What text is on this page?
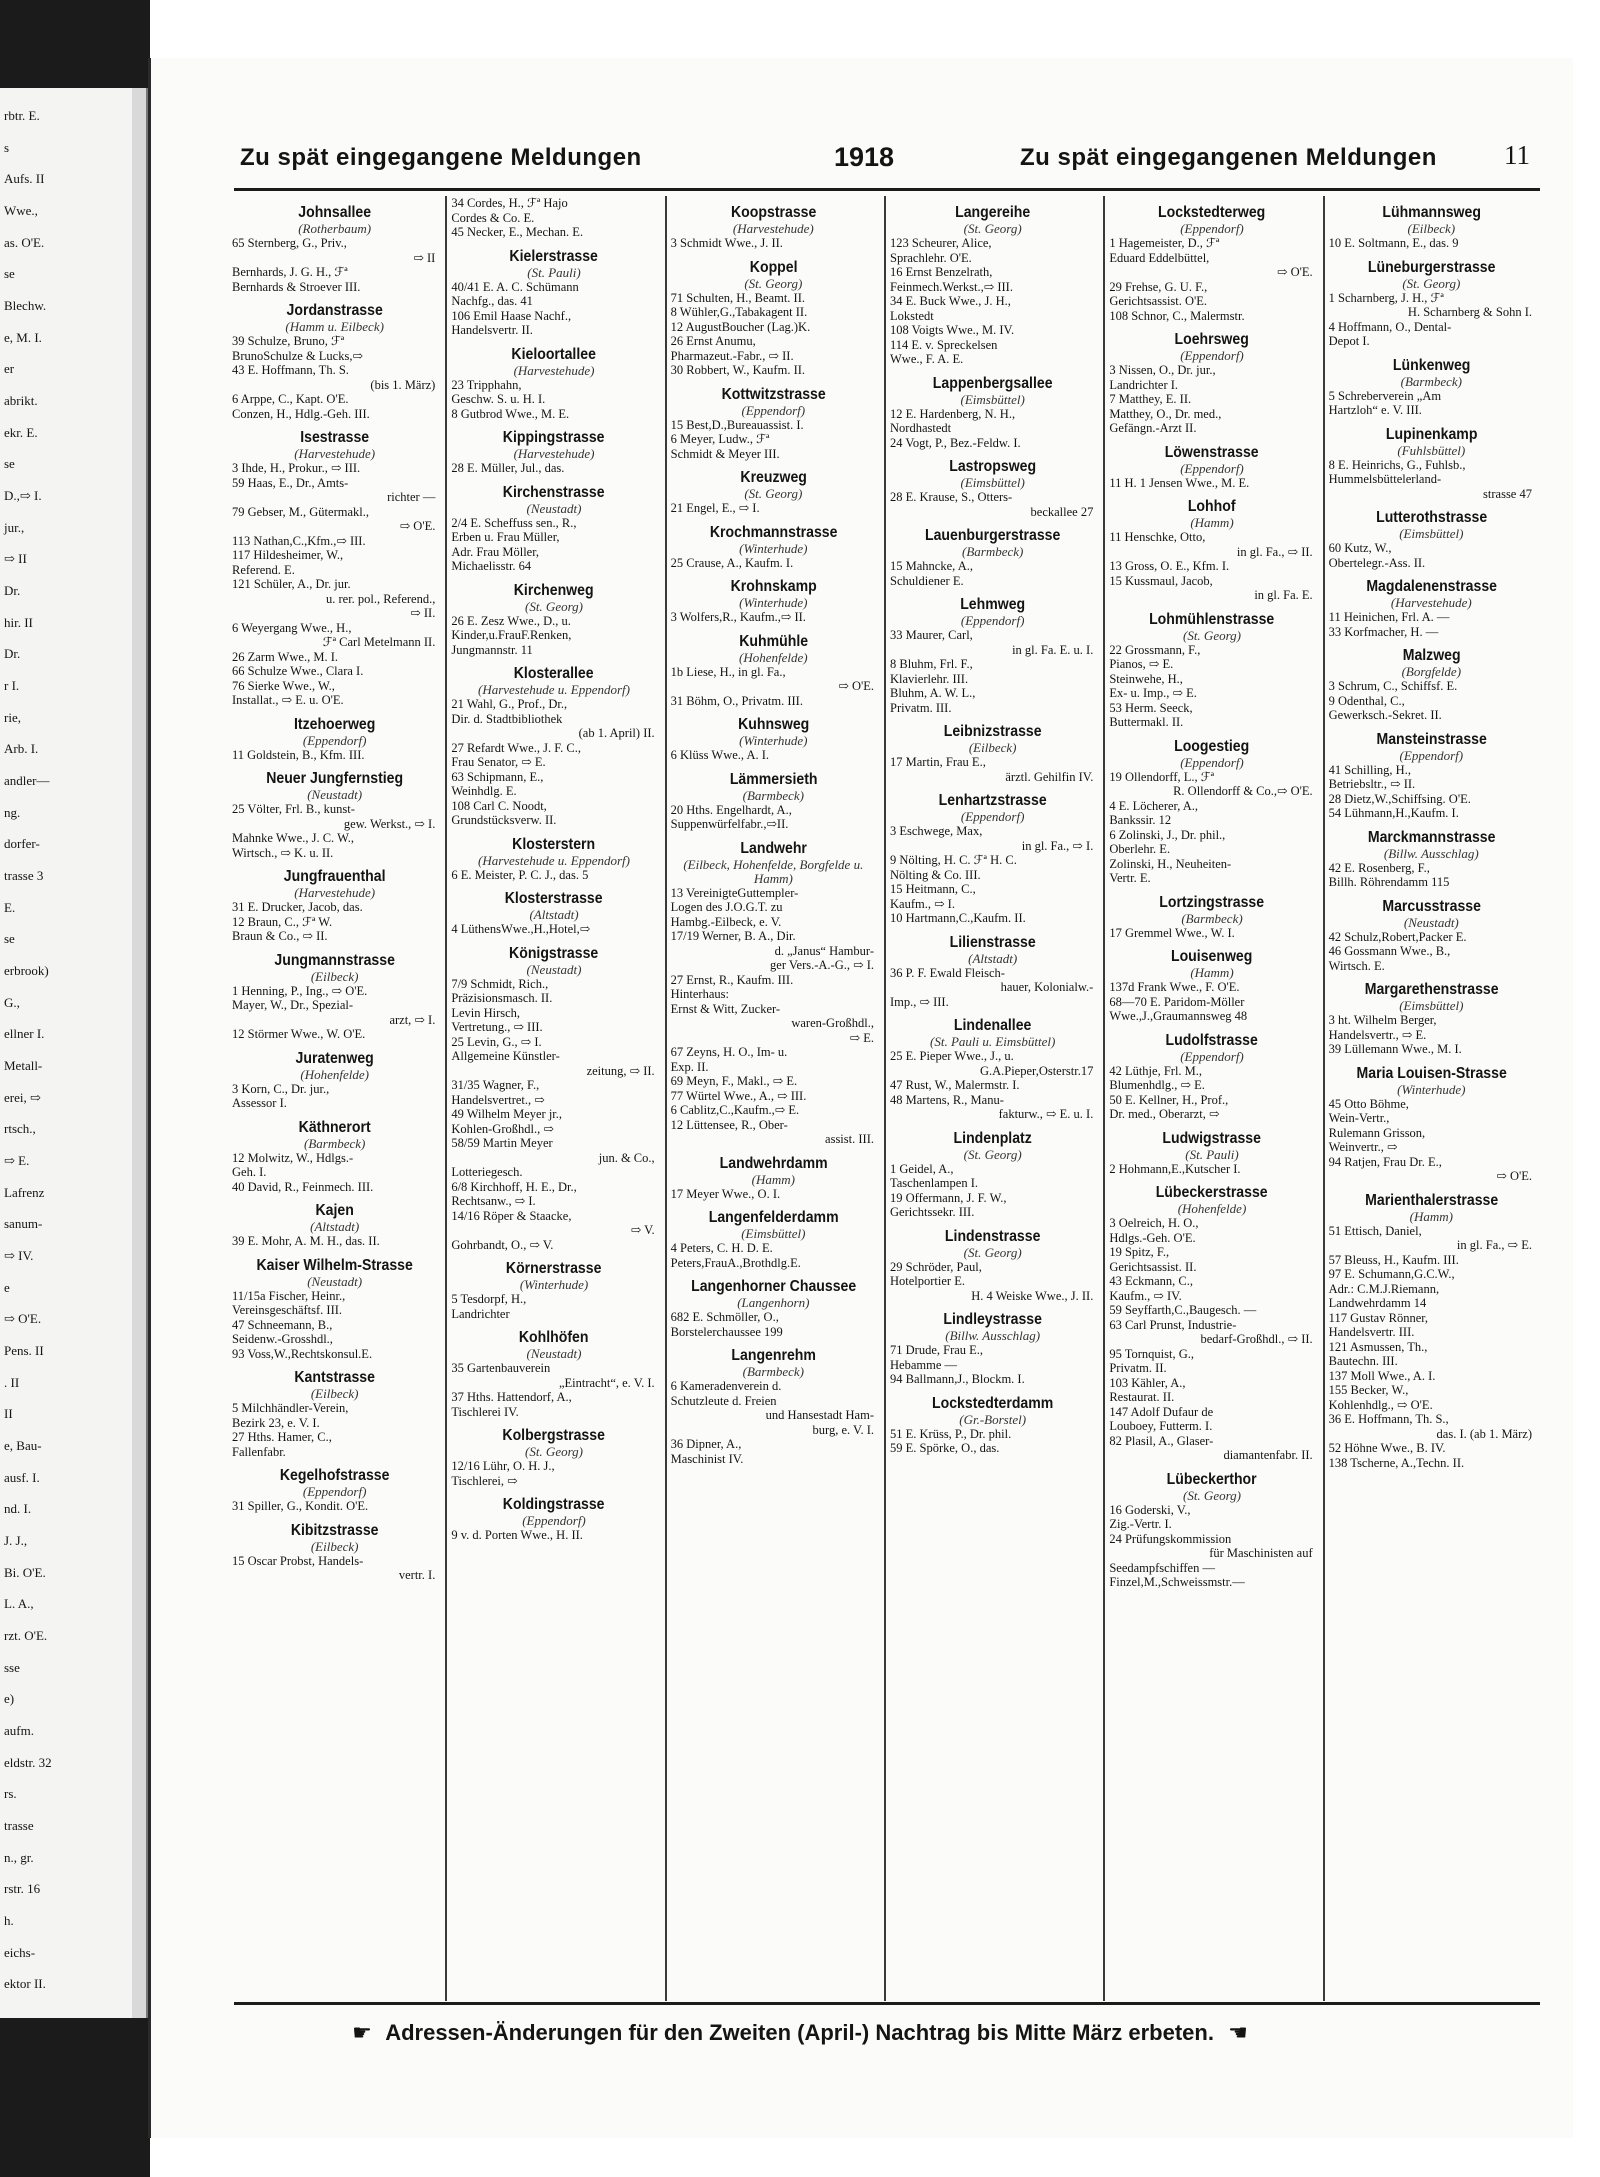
rbtr. E.
s
Aufs. II
Wwe.,
as. O'E.
se
Blechw.
e, M. I.
er
abrikt.
ekr. E.
se
D.,⇨ I.
jur.,
⇨ II
Dr.
hir. II
Dr.
r I.
rie,
Arb. I.
andler—
ng.
dorfer-
trasse 3
E.
se
erbrook)
G.,
ellner I.
Metall-
erei, ⇨
rtsch.,
⇨ E.
Lafrenz
sanum-
⇨ IV.
e
⇨ O'E.
Pens. II
. II
II
e, Bau-
ausf. I.
nd. I.
J. J.,
Bi. O'E.
L. A.,
rzt. O'E.
sse
e)
aufm.
eldstr. 32
rs.
trasse
n., gr.
rstr. 16
h.
eichs-
ektor II.
Zu spät eingegangene Meldungen	1918	Zu spät eingegangenen Meldungen 11
Johnsallee
(Rotherbaum)
65 Sternberg, G., Priv.,
⇨ II
Bernhards, J. G. H., ℱª
Bernhards & Stroever III.
Jordanstrasse
(Hamm u. Eilbeck)
39 Schulze, Bruno, ℱª
BrunoSchulze & Lucks,⇨
43 E. Hoffmann, Th. S.
(bis 1. März)
6 Arppe, C., Kapt. O'E.
Conzen, H., Hdlg.-Geh. III.
Isestrasse
(Harvestehude)
3 Ihde, H., Prokur., ⇨ III.
59 Haas, E., Dr., Amts-
richter —
79 Gebser, M., Gütermakl.,
⇨ O'E.
113 Nathan,C.,Kfm.,⇨ III.
117 Hildesheimer, W.,
Referend. E.
121 Schüler, A., Dr. jur.
u. rer. pol., Referend.,
⇨ II.
6 Weyergang Wwe., H.,
ℱª Carl Metelmann II.
26 Zarm Wwe., M. I.
66 Schulze Wwe., Clara I.
76 Sierke Wwe., W.,
Installat., ⇨ E. u. O'E.
Itzehoerweg
(Eppendorf)
11 Goldstein, B., Kfm. III.
Neuer Jungfernstieg
(Neustadt)
25 Völter, Frl. B., kunst-
gew. Werkst., ⇨ I.
Mahnke Wwe., J. C. W.,
Wirtsch., ⇨ K. u. II.
Jungfrauenthal
(Harvestehude)
31 E. Drucker, Jacob, das.
12 Braun, C., ℱª W.
Braun & Co., ⇨ II.
Jungmannstrasse
(Eilbeck)
1 Henning, P., Ing., ⇨ O'E.
Mayer, W., Dr., Spezial-
arzt, ⇨ I.
12 Störmer Wwe., W. O'E.
Juratenweg
(Hohenfelde)
3 Korn, C., Dr. jur.,
Assessor I.
Käthnerort
(Barmbeck)
12 Molwitz, W., Hdlgs.-
Geh. I.
40 David, R., Feinmech. III.
Kajen
(Altstadt)
39 E. Mohr, A. M. H., das. II.
Kaiser Wilhelm-Strasse
(Neustadt)
11/15a Fischer, Heinr.,
Vereinsgeschäftsf. III.
47 Schneemann, B.,
Seidenw.-Grosshdl.,
93 Voss,W.,Rechtskonsul.E.
Kantstrasse
(Eilbeck)
5 Milchhändler-Verein,
Bezirk 23, e. V. I.
27 Hths. Hamer, C.,
Fallenfabr.
Kegelhofstrasse
(Eppendorf)
31 Spiller, G., Kondit. O'E.
Kibitzstrasse
(Eilbeck)
15 Oscar Probst, Handels-
vertr. I.
34 Cordes, H., ℱª Hajo
Cordes & Co. E.
45 Necker, E., Mechan. E.
Kielerstrasse
(St. Pauli)
40/41 E. A. C. Schümann
Nachfg., das. 41
106 Emil Haase Nachf.,
Handelsvertr. II.
Kieloortallee
(Harvestehude)
23 Tripphahn,
Geschw. S. u. H. I.
8 Gutbrod Wwe., M. E.
Kippingstrasse
(Harvestehude)
28 E. Müller, Jul., das.
Kirchenstrasse
(Neustadt)
2/4 E. Scheffuss sen., R.,
Erben u. Frau Müller,
Adr. Frau Möller,
Michaelisstr. 64
Kirchenweg
(St. Georg)
26 E. Zesz Wwe., D., u.
Kinder,u.FrauF.Renken,
Jungmannstr. 11
Klosterallee
(Harvestehude u. Eppendorf)
21 Wahl, G., Prof., Dr.,
Dir. d. Stadtbibliothek
(ab 1. April) II.
27 Refardt Wwe., J. F. C.,
Frau Senator, ⇨ E.
63 Schipmann, E.,
Weinhdlg. E.
108 Carl C. Noodt,
Grundstücksverw. II.
Klosterstern
(Harvestehude u. Eppendorf)
6 E. Meister, P. C. J., das. 5
Klosterstrasse
(Altstadt)
4 LüthensWwe.,H.,Hotel,⇨
Königstrasse
(Neustadt)
7/9 Schmidt, Rich.,
Präzisionsmasch. II.
Levin Hirsch,
Vertretung., ⇨ III.
25 Levin, G., ⇨ I.
Allgemeine Künstler-
zeitung, ⇨ II.
31/35 Wagner, F.,
Handelsvertret., ⇨
49 Wilhelm Meyer jr.,
Kohlen-Großhdl., ⇨
58/59 Martin Meyer
jun. & Co.,
Lotteriegesch.
6/8 Kirchhoff, H. E., Dr.,
Rechtsanw., ⇨ I.
14/16 Röper & Staacke,
⇨ V.
Gohrbandt, O., ⇨ V.
Körnerstrasse
(Winterhude)
5 Tesdorpf, H.,
Landrichter
Kohlhöfen
(Neustadt)
35 Gartenbauverein
„Eintracht“, e. V. I.
37 Hths. Hattendorf, A.,
Tischlerei IV.
Kolbergstrasse
(St. Georg)
12/16 Lühr, O. H. J.,
Tischlerei, ⇨
Koldingstrasse
(Eppendorf)
9 v. d. Porten Wwe., H. II.
Koopstrasse
(Harvestehude)
3 Schmidt Wwe., J. II.
Koppel
(St. Georg)
71 Schulten, H., Beamt. II.
8 Wühler,G.,Tabakagent II.
12 AugustBoucher (Lag.)K.
26 Ernst Anumu,
Pharmazeut.-Fabr., ⇨ II.
30 Robbert, W., Kaufm. II.
Kottwitzstrasse
(Eppendorf)
15 Best,D.,Bureauassist. I.
6 Meyer, Ludw., ℱª
Schmidt & Meyer III.
Kreuzweg
(St. Georg)
21 Engel, E., ⇨ I.
Krochmannstrasse
(Winterhude)
25 Crause, A., Kaufm. I.
Krohnskamp
(Winterhude)
3 Wolfers,R., Kaufm.,⇨ II.
Kuhmühle
(Hohenfelde)
1b Liese, H., in gl. Fa.,
⇨ O'E.
31 Böhm, O., Privatm. III.
Kuhnsweg
(Winterhude)
6 Klüss Wwe., A. I.
Lämmersieth
(Barmbeck)
20 Hths. Engelhardt, A.,
Suppenwürfelfabr.,⇨II.
Landwehr
(Eilbeck, Hohenfelde, Borgfelde u. Hamm)
13 VereinigteGuttempler-
Logen des J.O.G.T. zu
Hambg.-Eilbeck, e. V.
17/19 Werner, B. A., Dir.
d. „Janus“ Hambur-
ger Vers.-A.-G., ⇨ I.
27 Ernst, R., Kaufm. III.
Hinterhaus:
Ernst & Witt, Zucker-
waren-Großhdl.,
⇨ E.
67 Zeyns, H. O., Im- u.
Exp. II.
69 Meyn, F., Makl., ⇨ E.
77 Würtel Wwe., A., ⇨ III.
6 Cablitz,C.,Kaufm.,⇨ E.
12 Lüttensee, R., Ober-
assist. III.
Landwehrdamm
(Hamm)
17 Meyer Wwe., O. I.
Langenfelderdamm
(Eimsbüttel)
4 Peters, C. H. D. E.
Peters,FrauA.,Brothdlg.E.
Langenhorner Chaussee
(Langenhorn)
682 E. Schmöller, O.,
Borstelerchaussee 199
Langenrehm
(Barmbeck)
6 Kameradenverein d.
Schutzleute d. Freien
und Hansestadt Ham-
burg, e. V. I.
36 Dipner, A.,
Maschinist IV.
Langereihe
(St. Georg)
123 Scheurer, Alice,
Sprachlehr. O'E.
16 Ernst Benzelrath,
Feinmech.Werkst.,⇨ III.
34 E. Buck Wwe., J. H.,
Lokstedt
108 Voigts Wwe., M. IV.
114 E. v. Spreckelsen
Wwe., F. A. E.
Lappenbergsallee
(Eimsbüttel)
12 E. Hardenberg, N. H.,
Nordhastedt
24 Vogt, P., Bez.-Feldw. I.
Lastropsweg
(Eimsbüttel)
28 E. Krause, S., Otters-
beckallee 27
Lauenburgerstrasse
(Barmbeck)
15 Mahncke, A.,
Schuldiener E.
Lehmweg
(Eppendorf)
33 Maurer, Carl,
in gl. Fa. E. u. I.
8 Bluhm, Frl. F.,
Klavierlehr. III.
Bluhm, A. W. L.,
Privatm. III.
Leibnizstrasse
(Eilbeck)
17 Martin, Frau E.,
ärztl. Gehilfin IV.
Lenhartzstrasse
(Eppendorf)
3 Eschwege, Max,
in gl. Fa., ⇨ I.
9 Nölting, H. C. ℱª H. C.
Nölting & Co. III.
15 Heitmann, C.,
Kaufm., ⇨ I.
10 Hartmann,C.,Kaufm. II.
Lilienstrasse
(Altstadt)
36 P. F. Ewald Fleisch-
hauer, Kolonialw.-
Imp., ⇨ III.
Lindenallee
(St. Pauli u. Eimsbüttel)
25 E. Pieper Wwe., J., u.
G.A.Pieper,Osterstr.17
47 Rust, W., Malermstr. I.
48 Martens, R., Manu-
fakturw., ⇨ E. u. I.
Lindenplatz
(St. Georg)
1 Geidel, A.,
Taschenlampen I.
19 Offermann, J. F. W.,
Gerichtssekr. III.
Lindenstrasse
(St. Georg)
29 Schröder, Paul,
Hotelportier E.
H. 4 Weiske Wwe., J. II.
Lindleystrasse
(Billw. Ausschlag)
71 Drude, Frau E.,
Hebamme —
94 Ballmann,J., Blockm. I.
Lockstedterdamm
(Gr.-Borstel)
51 E. Krüss, P., Dr. phil.
59 E. Spörke, O., das.
Lockstedterweg
(Eppendorf)
1 Hagemeister, D., ℱª
Eduard Eddelbüttel,
⇨ O'E.
29 Frehse, G. U. F.,
Gerichtsassist. O'E.
108 Schnor, C., Malermstr.
Loehrsweg
(Eppendorf)
3 Nissen, O., Dr. jur.,
Landrichter I.
7 Matthey, E. II.
Matthey, O., Dr. med.,
Gefängn.-Arzt II.
Löwenstrasse
(Eppendorf)
11 H. 1 Jensen Wwe., M. E.
Lohhof
(Hamm)
11 Henschke, Otto,
in gl. Fa., ⇨ II.
13 Gross, O. E., Kfm. I.
15 Kussmaul, Jacob,
in gl. Fa. E.
Lohmühlenstrasse
(St. Georg)
22 Grossmann, F.,
Pianos, ⇨ E.
Steinwehe, H.,
Ex- u. Imp., ⇨ E.
53 Herm. Seeck,
Buttermakl. II.
Loogestieg
(Eppendorf)
19 Ollendorff, L., ℱª
R. Ollendorff & Co.,⇨ O'E.
4 E. Löcherer, A.,
Bankssir. 12
6 Zolinski, J., Dr. phil.,
Oberlehr. E.
Zolinski, H., Neuheiten-
Vertr. E.
Lortzingstrasse
(Barmbeck)
17 Gremmel Wwe., W. I.
Louisenweg
(Hamm)
137d Frank Wwe., F. O'E.
68—70 E. Paridom-Möller
Wwe.,J.,Graumannsweg 48
Ludolfstrasse
(Eppendorf)
42 Lüthje, Frl. M.,
Blumenhdlg., ⇨ E.
50 E. Kellner, H., Prof.,
Dr. med., Oberarzt, ⇨
Ludwigstrasse
(St. Pauli)
2 Hohmann,E.,Kutscher I.
Lübeckerstrasse
(Hohenfelde)
3 Oelreich, H. O.,
Hdlgs.-Geh. O'E.
19 Spitz, F.,
Gerichtsassist. II.
43 Eckmann, C.,
Kaufm., ⇨ IV.
59 Seyffarth,C.,Baugesch. —
63 Carl Prunst, Industrie-
bedarf-Großhdl., ⇨ II.
95 Tornquist, G.,
Privatm. II.
103 Kähler, A.,
Restaurat. II.
147 Adolf Dufaur de
Louboey, Futterm. I.
82 Plasil, A., Glaser-
diamantenfabr. II.
Lübeckerthor
(St. Georg)
16 Goderski, V.,
Zig.-Vertr. I.
24 Prüfungskommission
für Maschinisten auf
Seedampfschiffen —
Finzel,M.,Schweissmstr.—
Lühmannsweg
(Eilbeck)
10 E. Soltmann, E., das. 9
Lüneburgerstrasse
(St. Georg)
1 Scharnberg, J. H., ℱª
H. Scharnberg & Sohn I.
4 Hoffmann, O., Dental-
Depot I.
Lünkenweg
(Barmbeck)
5 Schreberverein „Am
Hartzloh“ e. V. III.
Lupinenkamp
(Fuhlsbüttel)
8 E. Heinrichs, G., Fuhlsb.,
Hummelsbüttelerland-
strasse 47
Lutterothstrasse
(Eimsbüttel)
60 Kutz, W.,
Obertelegr.-Ass. II.
Magdalenenstrasse
(Harvestehude)
11 Heinichen, Frl. A. —
33 Korfmacher, H. —
Malzweg
(Borgfelde)
3 Schrum, C., Schiffsf. E.
9 Odenthal, C.,
Gewerksch.-Sekret. II.
Mansteinstrasse
(Eppendorf)
41 Schilling, H.,
Betriebsltr., ⇨ II.
28 Dietz,W.,Schiffsing. O'E.
54 Lühmann,H.,Kaufm. I.
Marckmannstrasse
(Billw. Ausschlag)
42 E. Rosenberg, F.,
Billh. Röhrendamm 115
Marcusstrasse
(Neustadt)
42 Schulz,Robert,Packer E.
46 Gossmann Wwe., B.,
Wirtsch. E.
Margarethenstrasse
(Eimsbüttel)
3 ht. Wilhelm Berger,
Handelsvertr., ⇨ E.
39 Lüllemann Wwe., M. I.
Maria Louisen-Strasse
(Winterhude)
45 Otto Böhme,
Wein-Vertr.,
Rulemann Grisson,
Weinvertr., ⇨
94 Ratjen, Frau Dr. E.,
⇨ O'E.
Marienthalerstrasse
(Hamm)
51 Ettisch, Daniel,
in gl. Fa., ⇨ E.
57 Bleuss, H., Kaufm. III.
97 E. Schumann,G.C.W.,
Adr.: C.M.J.Riemann,
Landwehrdamm 14
117 Gustav Rönner,
Handelsvertr. III.
121 Asmussen, Th.,
Bautechn. III.
137 Moll Wwe., A. I.
155 Becker, W.,
Kohlenhdlg., ⇨ O'E.
36 E. Hoffmann, Th. S.,
das. I. (ab 1. März)
52 Höhne Wwe., B. IV.
138 Tscherne, A.,Techn. II.
☛ Adressen-Änderungen für den Zweiten (April-) Nachtrag bis Mitte März erbeten. ☚
